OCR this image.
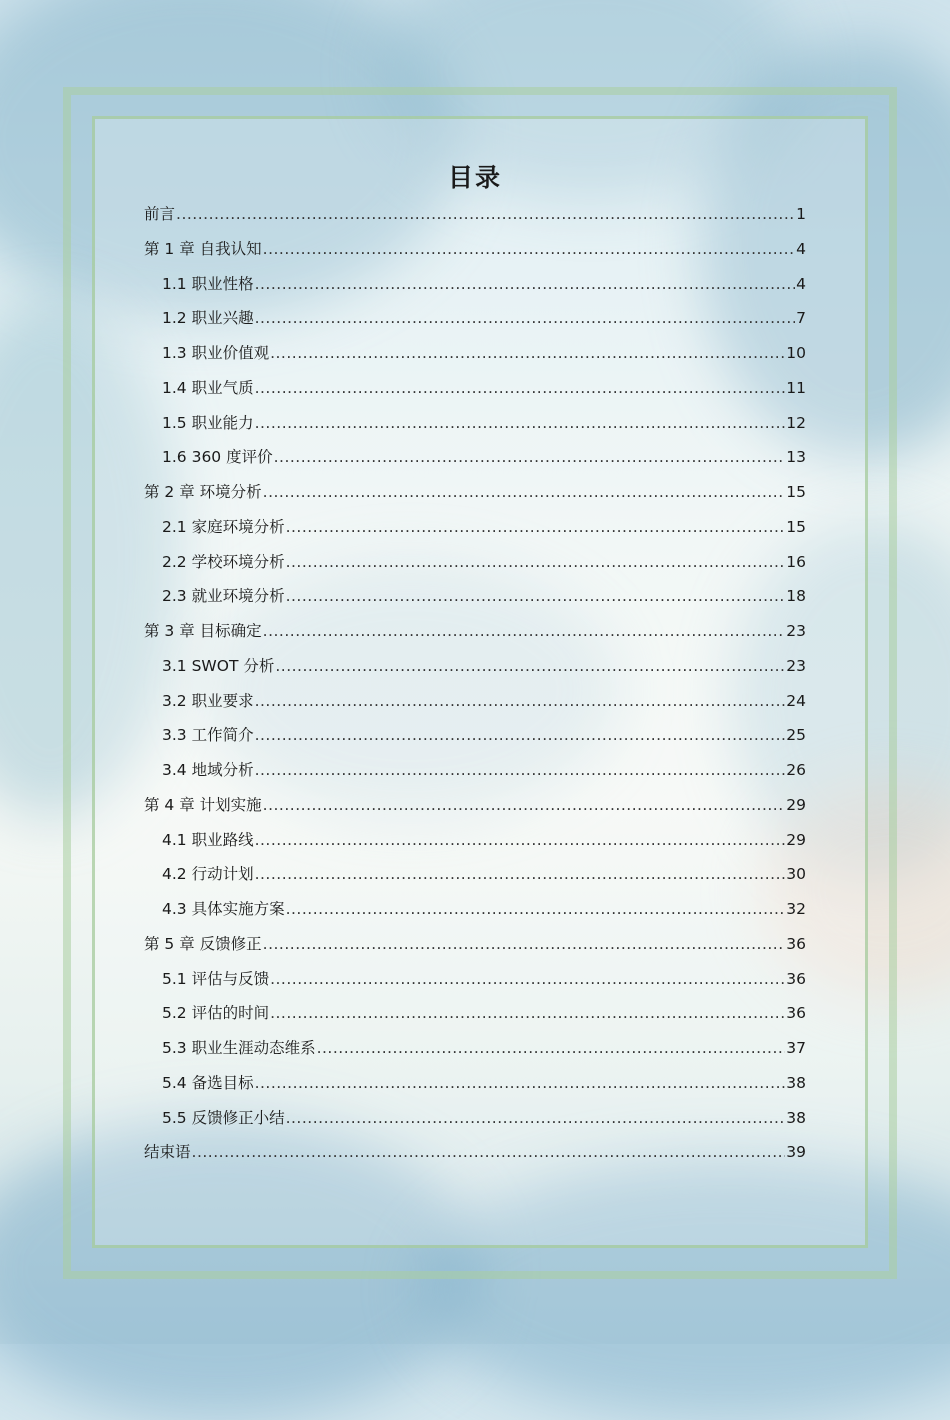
目录
前言 .....	1
第 1 章 自我认知 .....	4
1.1 职业性格 .....	4
1.2 职业兴趣 .....	7
1.3 职业价值观 .....	10
1.4 职业气质 .....	11
1.5 职业能力 .....	12
1.6 360 度评价 .....	13
第 2 章 环境分析 .....	15
2.1 家庭环境分析 .....	15
2.2 学校环境分析 .....	16
2.3 就业环境分析 .....	18
第 3 章 目标确定 .....	23
3.1 SWOT 分析 .....	23
3.2 职业要求 .....	24
3.3 工作简介 .....	25
3.4 地域分析 .....	26
第 4 章 计划实施 .....	29
4.1 职业路线 .....	29
4.2 行动计划 .....	30
4.3 具体实施方案 .....	32
第 5 章 反馈修正 .....	36
5.1 评估与反馈 .....	36
5.2 评估的时间 .....	36
5.3 职业生涯动态维系 .....	37
5.4 备选目标 .....	38
5.5 反馈修正小结 .....	38
结束语 .....	39
